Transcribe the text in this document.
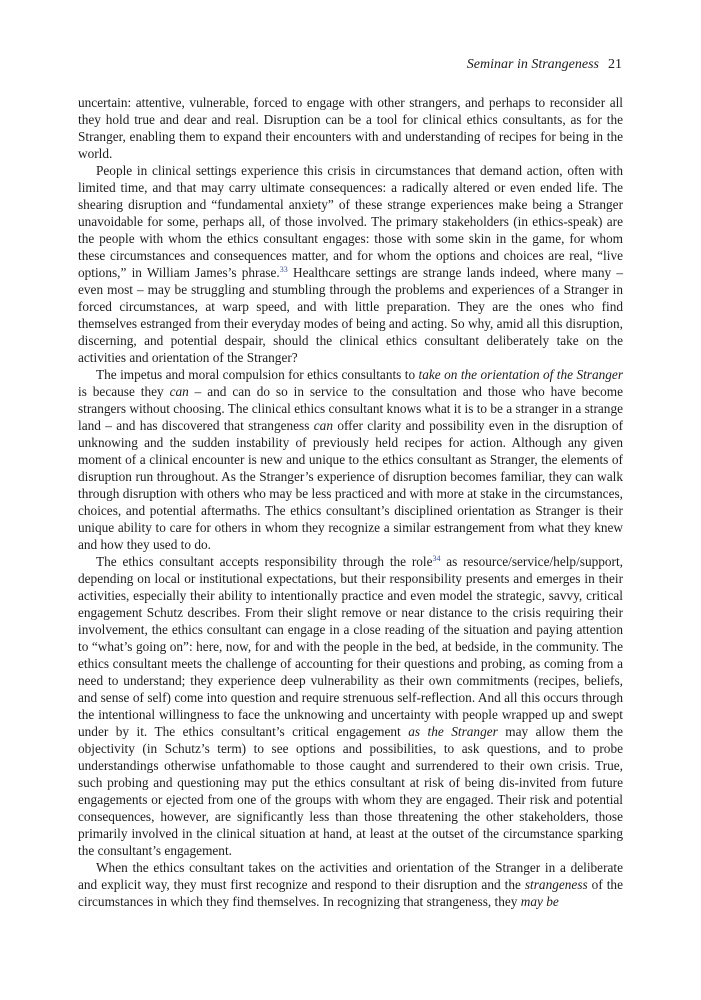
Seminar in Strangeness 21

uncertain: attentive, vulnerable, forced to engage with other strangers, and perhaps to reconsider all they hold true and dear and real. Disruption can be a tool for clinical ethics consultants, as for the Stranger, enabling them to expand their encounters with and understanding of recipes for being in the world.

People in clinical settings experience this crisis in circumstances that demand action, often with limited time, and that may carry ultimate consequences: a radically altered or even ended life. The shearing disruption and “fundamental anxiety” of these strange experiences make being a Stranger unavoidable for some, perhaps all, of those involved. The primary stakeholders (in ethics-speak) are the people with whom the ethics consultant engages: those with some skin in the game, for whom these circumstances and consequences matter, and for whom the options and choices are real, “live options,” in William James’s phrase.$^{33}$ Healthcare settings are strange lands indeed, where many – even most – may be struggling and stumbling through the problems and experiences of a Stranger in forced circumstances, at warp speed, and with little preparation. They are the ones who find themselves estranged from their everyday modes of being and acting. So why, amid all this disruption, discerning, and potential despair, should the clinical ethics consultant deliberately take on the activities and orientation of the Stranger?

The impetus and moral compulsion for ethics consultants to take on the orientation of the Stranger is because they can – and can do so in service to the consultation and those who have become strangers without choosing. The clinical ethics consultant knows what it is to be a stranger in a strange land – and has discovered that strangeness can offer clarity and possibility even in the disruption of unknowing and the sudden instability of previously held recipes for action. Although any given moment of a clinical encounter is new and unique to the ethics consultant as Stranger, the elements of disruption run throughout. As the Stranger’s experience of disruption becomes familiar, they can walk through disruption with others who may be less practiced and with more at stake in the circumstances, choices, and potential aftermaths. The ethics consultant’s disciplined orientation as Stranger is their unique ability to care for others in whom they recognize a similar estrangement from what they knew and how they used to do.

The ethics consultant accepts responsibility through the role$^{34}$ as resource/service/help/support, depending on local or institutional expectations, but their responsibility presents and emerges in their activities, especially their ability to intentionally practice and even model the strategic, savvy, critical engagement Schutz describes. From their slight remove or near distance to the crisis requiring their involvement, the ethics consultant can engage in a close reading of the situation and paying attention to “what’s going on”: here, now, for and with the people in the bed, at bedside, in the community. The ethics consultant meets the challenge of accounting for their questions and probing, as coming from a need to understand; they experience deep vulnerability as their own commitments (recipes, beliefs, and sense of self) come into question and require strenuous self-reflection. And all this occurs through the intentional willingness to face the unknowing and uncertainty with people wrapped up and swept under by it. The ethics consultant’s critical engagement as the Stranger may allow them the objectivity (in Schutz’s term) to see options and possibilities, to ask questions, and to probe understandings otherwise unfathomable to those caught and surrendered to their own crisis. True, such probing and questioning may put the ethics consultant at risk of being dis-invited from future engagements or ejected from one of the groups with whom they are engaged. Their risk and potential consequences, however, are significantly less than those threatening the other stakeholders, those primarily involved in the clinical situation at hand, at least at the outset of the circumstance sparking the consultant’s engagement.

When the ethics consultant takes on the activities and orientation of the Stranger in a deliberate and explicit way, they must first recognize and respond to their disruption and the strangeness of the circumstances in which they find themselves. In recognizing that strangeness, they may be
